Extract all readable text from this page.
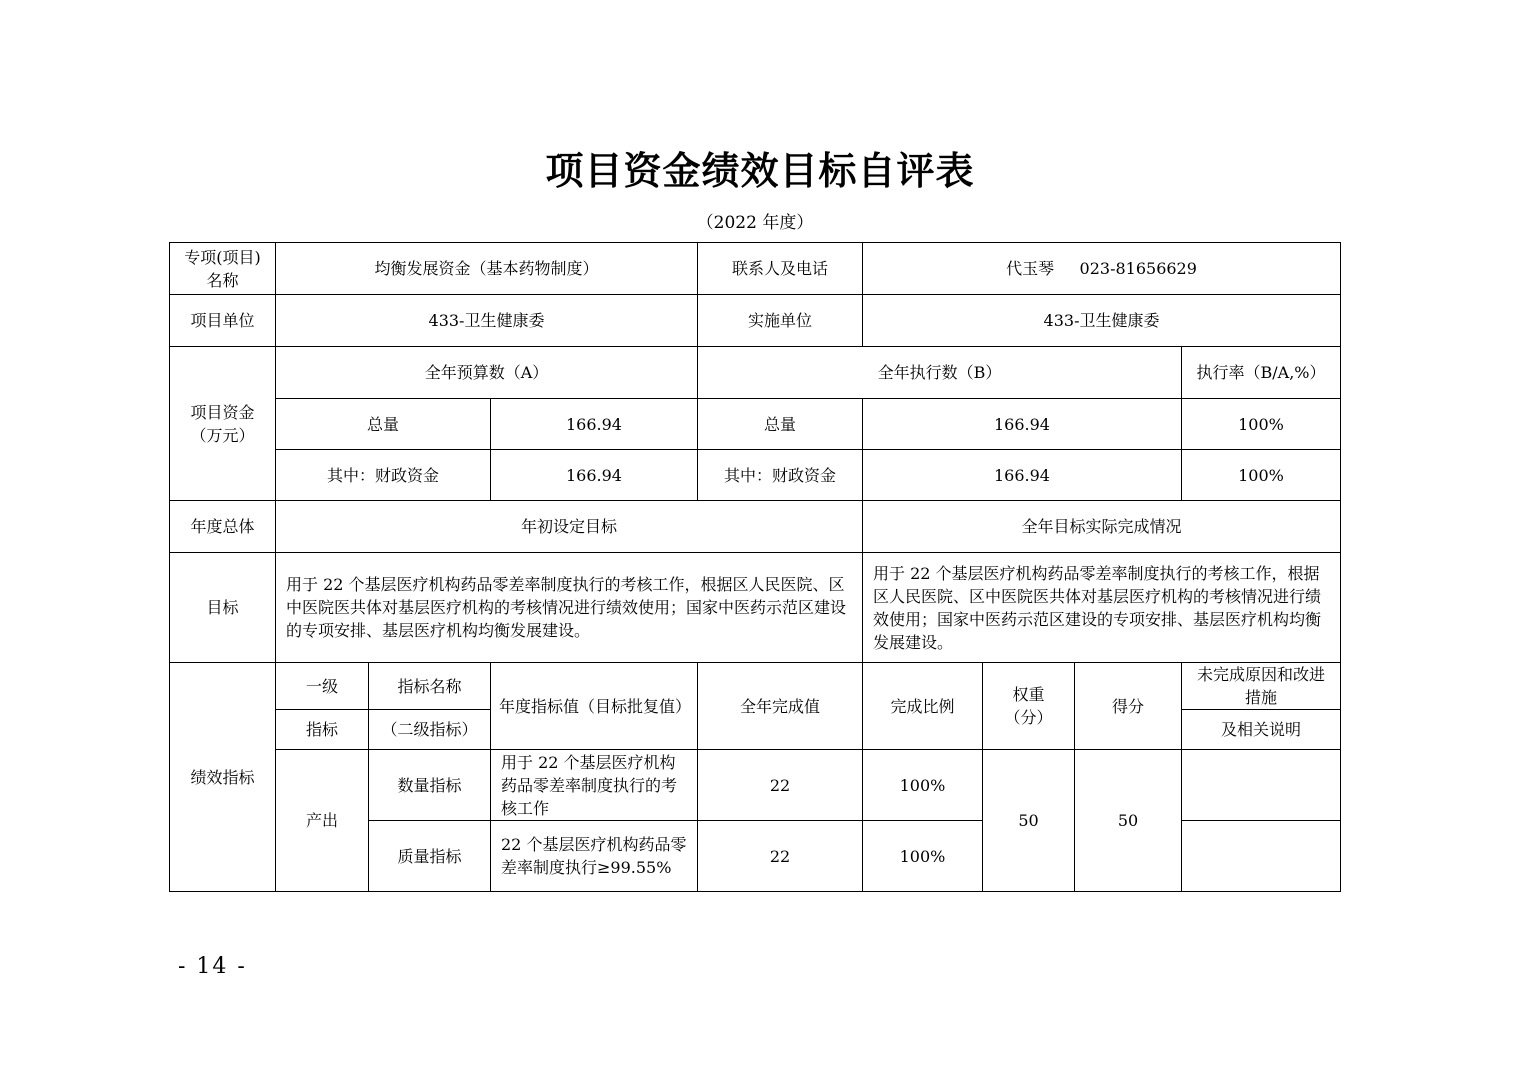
项目资金绩效目标自评表
（2022 年度）
专项(项目)名称	均衡发展资金（基本药物制度）			联系人及电话	代玉琴     023-81656629			
项目单位	433-卫生健康委			实施单位	433-卫生健康委			
项目资金（万元）	全年预算数（A）			全年执行数（B）				执行率（B/A,%）
	总量		166.94	总量	166.94			100%
	其中：财政资金		166.94	其中：财政资金	166.94			100%
年度总体	年初设定目标				全年目标实际完成情况			
目标	用于 22 个基层医疗机构药品零差率制度执行的考核工作，根据区人民医院、区中医院医共体对基层医疗机构的考核情况进行绩效使用；国家中医药示范区建设的专项安排、基层医疗机构均衡发展建设。				用于 22 个基层医疗机构药品零差率制度执行的考核工作，根据区人民医院、区中医院医共体对基层医疗机构的考核情况进行绩效使用；国家中医药示范区建设的专项安排、基层医疗机构均衡发展建设。			
绩效指标	一级	指标名称	年度指标值（目标批复值）	全年完成值	完成比例	权重（分）	得分	未完成原因和改进措施
	指标	（二级指标）						及相关说明
	产出	数量指标	用于 22 个基层医疗机构药品零差率制度执行的考核工作	22	100%	50	50	
		质量指标	22 个基层医疗机构药品零差率制度执行≥99.55%	22	100%			
- 14 -
